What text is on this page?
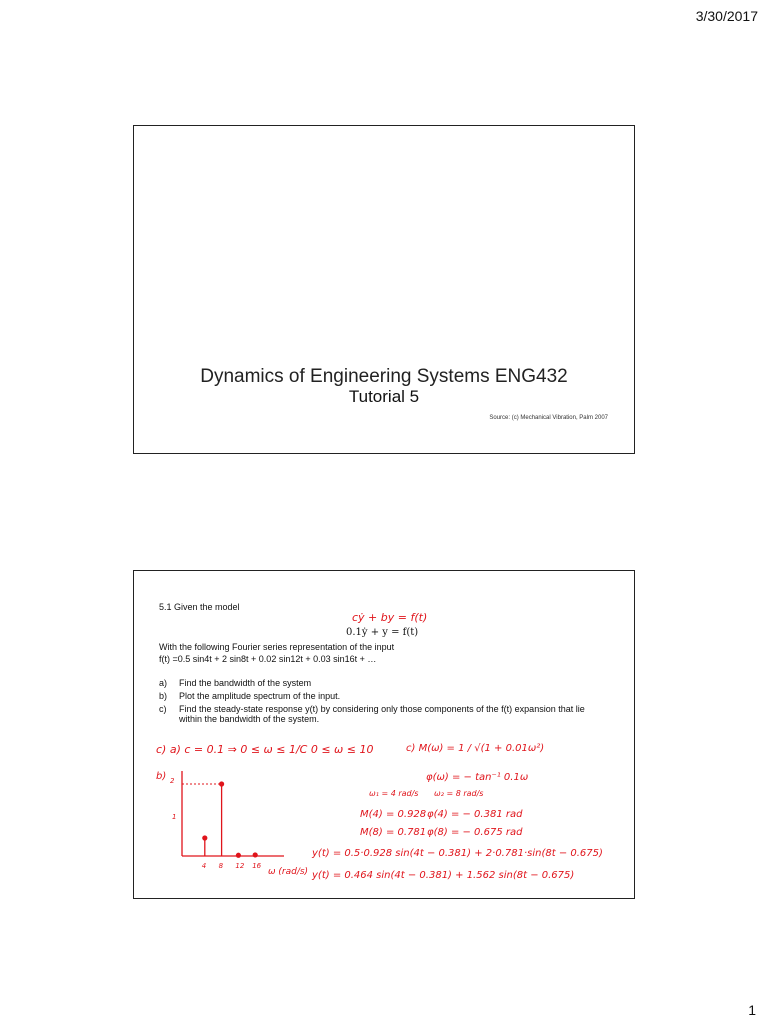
3/30/2017
Dynamics of Engineering Systems ENG432
Tutorial 5
Source: (c) Mechanical Vibration, Palm 2007
5.1 Given the model
0.1ẏ + y = f(t)
With the following Fourier series representation of the input
f(t) =0.5 sin4t + 2 sin8t + 0.02 sin12t + 0.03 sin16t + …
a) Find the bandwidth of the system
b) Plot the amplitude spectrum of the input.
c) Find the steady-state response y(t) by considering only those components of the f(t) expansion that lie within the bandwidth of the system.
cẏ + by = f(t)
c) a) c = 0.1 ⇒ 0 ≤ ω ≤ 1/C 0 ≤ ω ≤ 10	c) M(ω) = 1 / √(1 + 0.01ω²)
φ(ω) = − tan⁻¹ 0.1ω
ω₁ = 4 rad/s ω₂ = 8 rad/s
M(4) = 0.928 φ(4) = − 0.381 rad
M(8) = 0.781 φ(8) = − 0.675 rad
y(t) = 0.5·0.928 sin(4t − 0.381) + 2·0.781·sin(8t − 0.675)
y(t) = 0.464 sin(4t − 0.381) + 1.562 sin(8t − 0.675)
b)
ω (rad/s)
2
1
4 8 12 16
1
